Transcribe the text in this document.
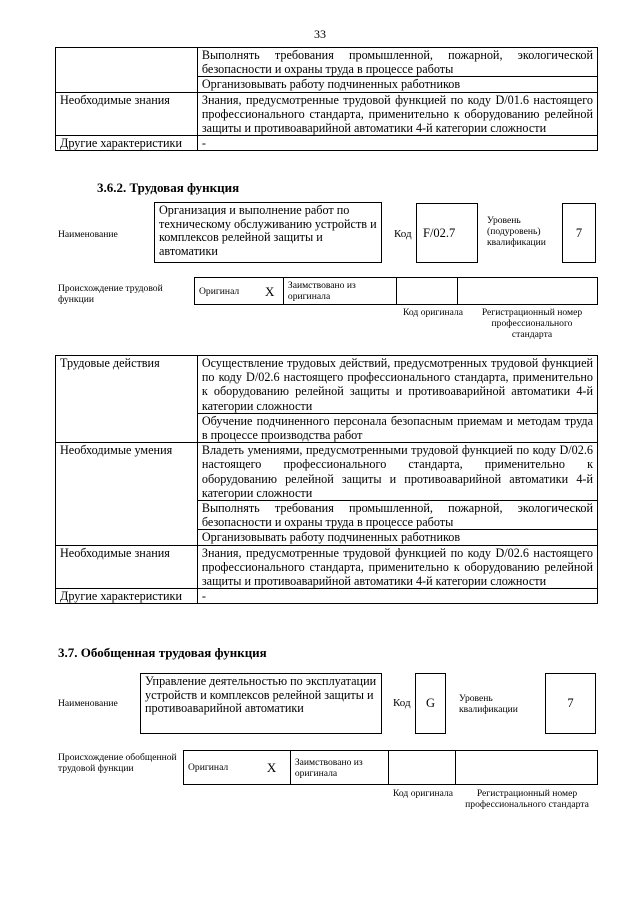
33
	Выполнять требования промышленной, пожарной, экологической безопасности и охраны труда в процессе работы
	Организовывать работу подчиненных работников
Необходимые знания	Знания, предусмотренные трудовой функцией по коду D/01.6 настоящего профессионального стандарта, применительно к оборудованию релейной защиты и противоаварийной автоматики 4-й категории сложности
Другие характеристики	-
3.6.2. Трудовая функция
Наименование
Организация и выполнение работ по техническому обслуживанию устройств и комплексов релейной защиты и автоматики
Код F/02.7
Уровень (подуровень) квалификации
7
Происхождение трудовой функции
Оригинал	X	Заимствовано из оригинала		
Код оригинала	Регистрационный номер профессионального стандарта
Трудовые действия	Осуществление трудовых действий, предусмотренных трудовой функцией по коду D/02.6 настоящего профессионального стандарта, применительно к оборудованию релейной защиты и противоаварийной автоматики 4-й категории сложности
	Обучение подчиненного персонала безопасным приемам и методам труда в процессе производства работ
Необходимые умения	Владеть умениями, предусмотренными трудовой функцией по коду D/02.6 настоящего профессионального стандарта, применительно к оборудованию релейной защиты и противоаварийной автоматики 4-й категории сложности
	Выполнять требования промышленной, пожарной, экологической безопасности и охраны труда в процессе работы
	Организовывать работу подчиненных работников
Необходимые знания	Знания, предусмотренные трудовой функцией по коду D/02.6 настоящего профессионального стандарта, применительно к оборудованию релейной защиты и противоаварийной автоматики 4-й категории сложности
Другие характеристики	-
3.7. Обобщенная трудовая функция
Наименование
Управление деятельностью по эксплуатации устройств и комплексов релейной защиты и противоаварийной автоматики	Код	G	Уровень квалификации	7
Происхождение обобщенной трудовой функции	Оригинал	X	Заимствовано из оригинала		
Код оригинала	Регистрационный номер профессионального стандарта
